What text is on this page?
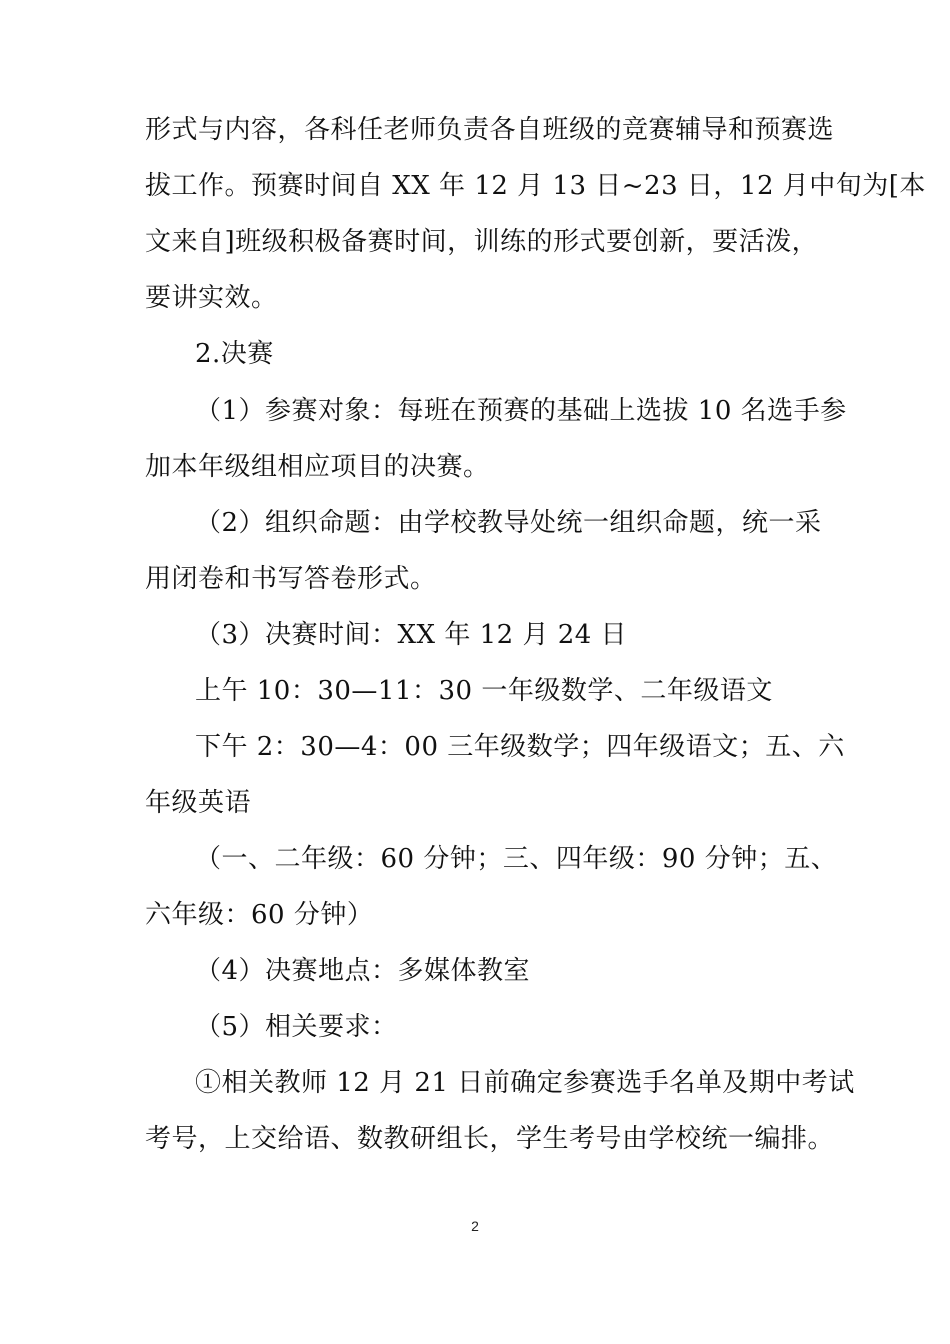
形式与内容，各科任老师负责各自班级的竞赛辅导和预赛选
拔工作。预赛时间自 XX 年 12 月 13 日~23 日，12 月中旬为[本
文来自]班级积极备赛时间，训练的形式要创新，要活泼，
要讲实效。
2.决赛
（1）参赛对象：每班在预赛的基础上选拔 10 名选手参
加本年级组相应项目的决赛。
（2）组织命题：由学校教导处统一组织命题，统一采
用闭卷和书写答卷形式。
（3）决赛时间：XX 年 12 月 24 日
上午 10：30—11：30 一年级数学、二年级语文
下午 2：30—4：00 三年级数学；四年级语文；五、六
年级英语
（一、二年级：60 分钟；三、四年级：90 分钟；五、
六年级：60 分钟）
（4）决赛地点：多媒体教室
（5）相关要求：
①相关教师 12 月 21 日前确定参赛选手名单及期中考试
考号，上交给语、数教研组长，学生考号由学校统一编排。
2
